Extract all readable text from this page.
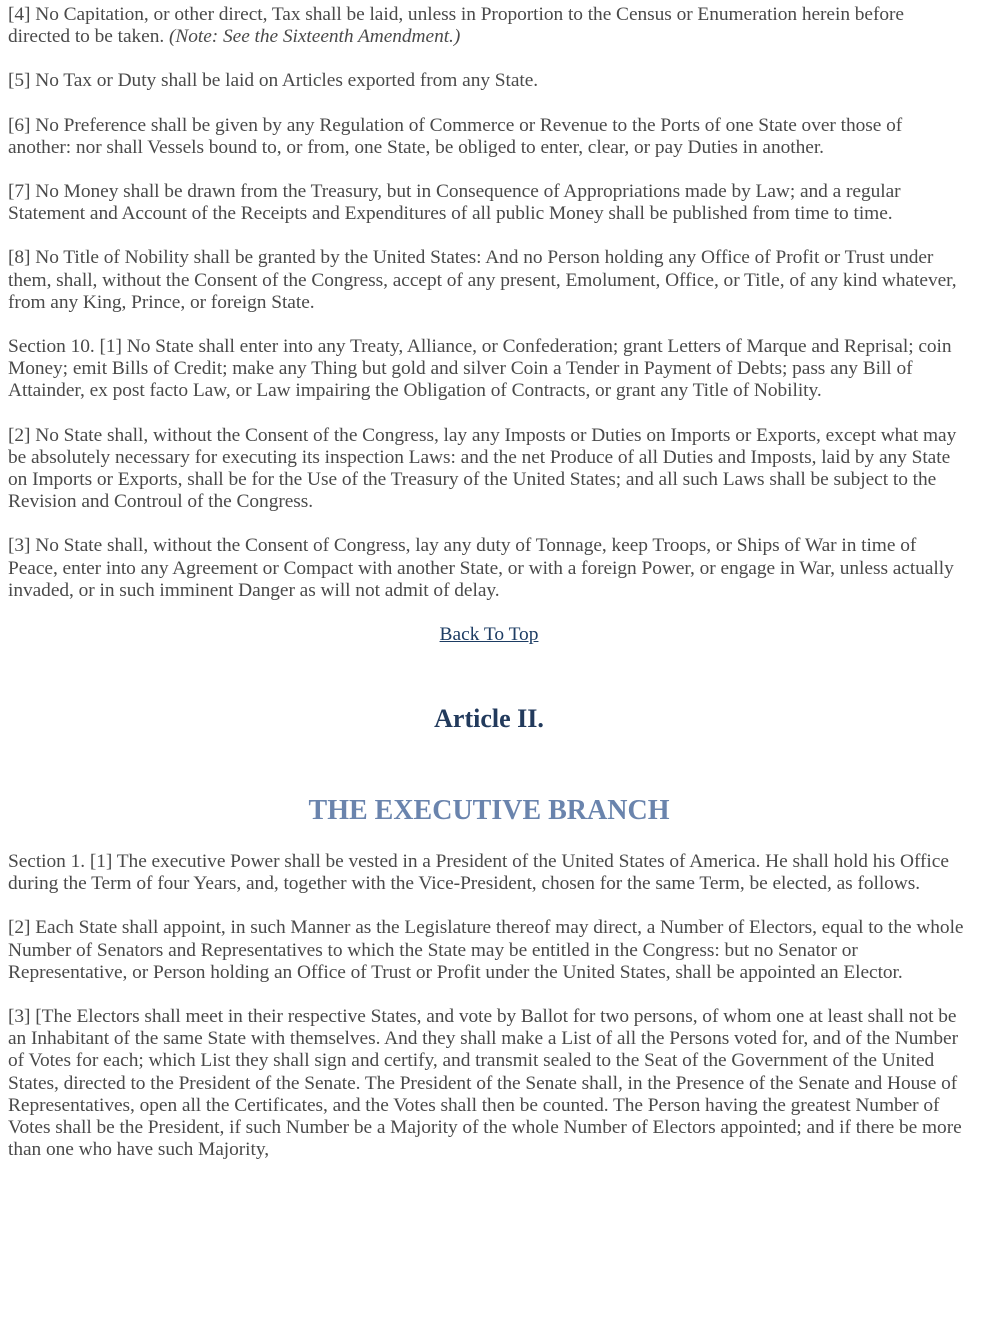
[4] No Capitation, or other direct, Tax shall be laid, unless in Proportion to the Census or Enumeration herein before directed to be taken. (Note: See the Sixteenth Amendment.)

[5] No Tax or Duty shall be laid on Articles exported from any State.

[6] No Preference shall be given by any Regulation of Commerce or Revenue to the Ports of one State over those of another: nor shall Vessels bound to, or from, one State, be obliged to enter, clear, or pay Duties in another.

[7] No Money shall be drawn from the Treasury, but in Consequence of Appropriations made by Law; and a regular Statement and Account of the Receipts and Expenditures of all public Money shall be published from time to time.

[8] No Title of Nobility shall be granted by the United States: And no Person holding any Office of Profit or Trust under them, shall, without the Consent of the Congress, accept of any present, Emolument, Office, or Title, of any kind whatever, from any King, Prince, or foreign State.

Section 10. [1] No State shall enter into any Treaty, Alliance, or Confederation; grant Letters of Marque and Reprisal; coin Money; emit Bills of Credit; make any Thing but gold and silver Coin a Tender in Payment of Debts; pass any Bill of Attainder, ex post facto Law, or Law impairing the Obligation of Contracts, or grant any Title of Nobility.

[2] No State shall, without the Consent of the Congress, lay any Imposts or Duties on Imports or Exports, except what may be absolutely necessary for executing its inspection Laws: and the net Produce of all Duties and Imposts, laid by any State on Imports or Exports, shall be for the Use of the Treasury of the United States; and all such Laws shall be subject to the Revision and Controul of the Congress.

[3] No State shall, without the Consent of Congress, lay any duty of Tonnage, keep Troops, or Ships of War in time of Peace, enter into any Agreement or Compact with another State, or with a foreign Power, or engage in War, unless actually invaded, or in such imminent Danger as will not admit of delay.

Back To Top
Article II.
THE EXECUTIVE BRANCH

Section 1. [1] The executive Power shall be vested in a President of the United States of America. He shall hold his Office during the Term of four Years, and, together with the Vice-President, chosen for the same Term, be elected, as follows.

[2] Each State shall appoint, in such Manner as the Legislature thereof may direct, a Number of Electors, equal to the whole Number of Senators and Representatives to which the State may be entitled in the Congress: but no Senator or Representative, or Person holding an Office of Trust or Profit under the United States, shall be appointed an Elector.

[3] [The Electors shall meet in their respective States, and vote by Ballot for two persons, of whom one at least shall not be an Inhabitant of the same State with themselves. And they shall make a List of all the Persons voted for, and of the Number of Votes for each; which List they shall sign and certify, and transmit sealed to the Seat of the Government of the United States, directed to the President of the Senate. The President of the Senate shall, in the Presence of the Senate and House of Representatives, open all the Certificates, and the Votes shall then be counted. The Person having the greatest Number of Votes shall be the President, if such Number be a Majority of the whole Number of Electors appointed; and if there be more than one who have such Majority,
